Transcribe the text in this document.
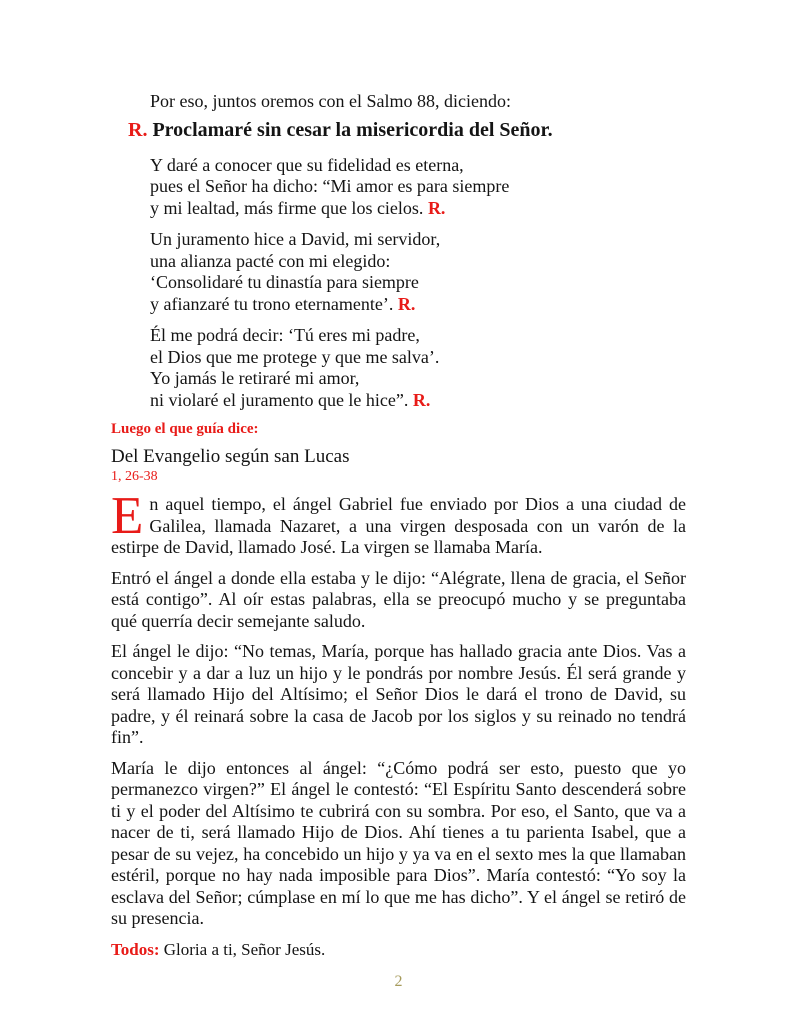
Por eso, juntos oremos con el Salmo 88, diciendo:
R. Proclamaré sin cesar la misericordia del Señor.
Y daré a conocer que su fidelidad es eterna,
pues el Señor ha dicho: “Mi amor es para siempre
y mi lealtad, más firme que los cielos. R.
Un juramento hice a David, mi servidor,
una alianza pacté con mi elegido:
‘Consolidaré tu dinastía para siempre
y afianzaré tu trono eternamente’. R.
Él me podrá decir: ‘Tú eres mi padre,
el Dios que me protege y que me salva’.
Yo jamás le retiraré mi amor,
ni violaré el juramento que le hice”. R.
Luego el que guía dice:
Del Evangelio según san Lucas
1, 26-38

En aquel tiempo, el ángel Gabriel fue enviado por Dios a una ciudad de Galilea, llamada Nazaret, a una virgen desposada con un varón de la estirpe de David, llamado José. La virgen se llamaba María.

Entró el ángel a donde ella estaba y le dijo: “Alégrate, llena de gracia, el Señor está contigo”. Al oír estas palabras, ella se preocupó mucho y se preguntaba qué querría decir semejante saludo.

El ángel le dijo: “No temas, María, porque has hallado gracia ante Dios. Vas a concebir y a dar a luz un hijo y le pondrás por nombre Jesús. Él será grande y será llamado Hijo del Altísimo; el Señor Dios le dará el trono de David, su padre, y él reinará sobre la casa de Jacob por los siglos y su reinado no tendrá fin”.

María le dijo entonces al ángel: “¿Cómo podrá ser esto, puesto que yo permanezco virgen?” El ángel le contestó: “El Espíritu Santo descenderá sobre ti y el poder del Altísimo te cubrirá con su sombra. Por eso, el Santo, que va a nacer de ti, será llamado Hijo de Dios. Ahí tienes a tu parienta Isabel, que a pesar de su vejez, ha concebido un hijo y ya va en el sexto mes la que llamaban estéril, porque no hay nada imposible para Dios”. María contestó: “Yo soy la esclava del Señor; cúmplase en mí lo que me has dicho”. Y el ángel se retiró de su presencia.

Todos: Gloria a ti, Señor Jesús.

2
